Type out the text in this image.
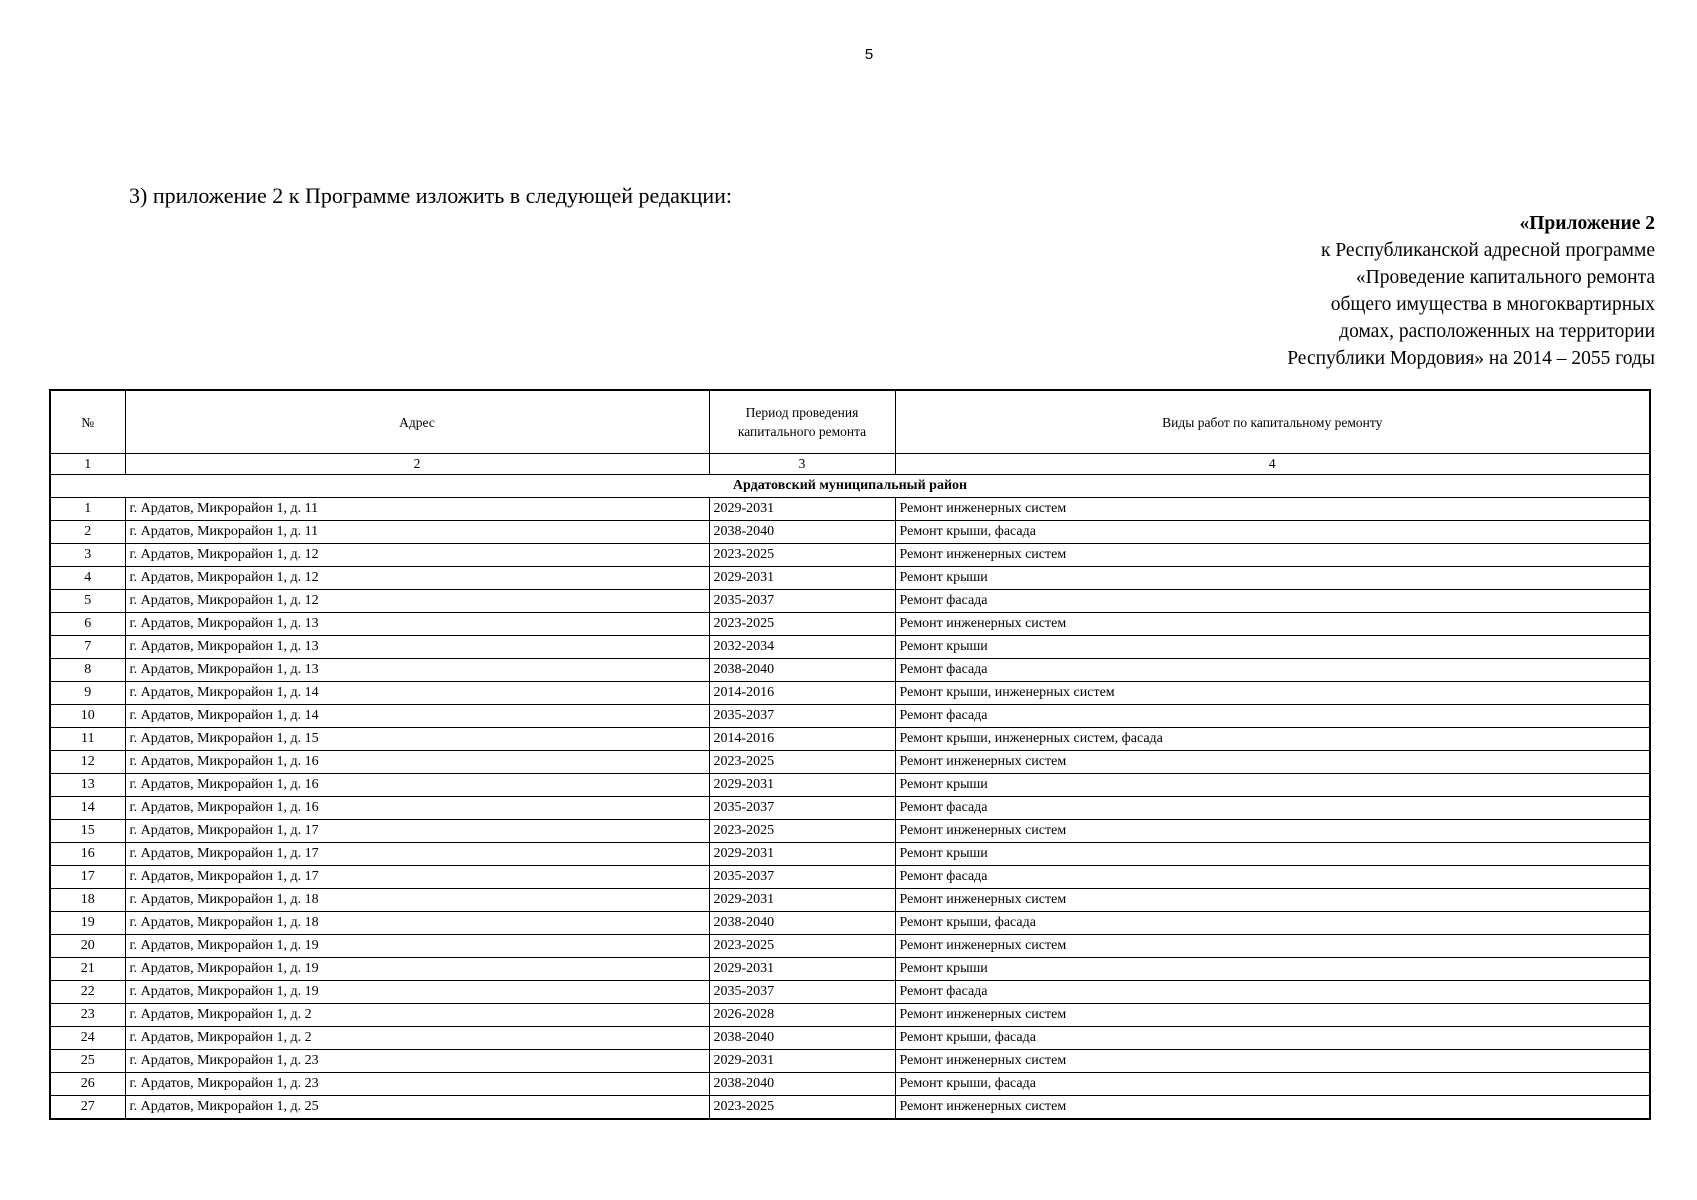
5
3) приложение 2 к Программе изложить в следующей редакции:
«Приложение 2
к Республиканской адресной программе
«Проведение капитального ремонта
общего имущества в многоквартирных
домах, расположенных на территории
Республики Мордовия» на 2014 – 2055 годы
№	Адрес	Период проведения капитального ремонта	Виды работ по капитальному ремонту
1	2	3	4
Ардатовский муниципальный район			
1	г. Ардатов, Микрорайон 1, д. 11	2029-2031	Ремонт инженерных систем
2	г. Ардатов, Микрорайон 1, д. 11	2038-2040	Ремонт крыши, фасада
3	г. Ардатов, Микрорайон 1, д. 12	2023-2025	Ремонт инженерных систем
4	г. Ардатов, Микрорайон 1, д. 12	2029-2031	Ремонт крыши
5	г. Ардатов, Микрорайон 1, д. 12	2035-2037	Ремонт фасада
6	г. Ардатов, Микрорайон 1, д. 13	2023-2025	Ремонт инженерных систем
7	г. Ардатов, Микрорайон 1, д. 13	2032-2034	Ремонт крыши
8	г. Ардатов, Микрорайон 1, д. 13	2038-2040	Ремонт фасада
9	г. Ардатов, Микрорайон 1, д. 14	2014-2016	Ремонт крыши, инженерных систем
10	г. Ардатов, Микрорайон 1, д. 14	2035-2037	Ремонт фасада
11	г. Ардатов, Микрорайон 1, д. 15	2014-2016	Ремонт крыши, инженерных систем, фасада
12	г. Ардатов, Микрорайон 1, д. 16	2023-2025	Ремонт инженерных систем
13	г. Ардатов, Микрорайон 1, д. 16	2029-2031	Ремонт крыши
14	г. Ардатов, Микрорайон 1, д. 16	2035-2037	Ремонт фасада
15	г. Ардатов, Микрорайон 1, д. 17	2023-2025	Ремонт инженерных систем
16	г. Ардатов, Микрорайон 1, д. 17	2029-2031	Ремонт крыши
17	г. Ардатов, Микрорайон 1, д. 17	2035-2037	Ремонт фасада
18	г. Ардатов, Микрорайон 1, д. 18	2029-2031	Ремонт инженерных систем
19	г. Ардатов, Микрорайон 1, д. 18	2038-2040	Ремонт крыши, фасада
20	г. Ардатов, Микрорайон 1, д. 19	2023-2025	Ремонт инженерных систем
21	г. Ардатов, Микрорайон 1, д. 19	2029-2031	Ремонт крыши
22	г. Ардатов, Микрорайон 1, д. 19	2035-2037	Ремонт фасада
23	г. Ардатов, Микрорайон 1, д. 2	2026-2028	Ремонт инженерных систем
24	г. Ардатов, Микрорайон 1, д. 2	2038-2040	Ремонт крыши, фасада
25	г. Ардатов, Микрорайон 1, д. 23	2029-2031	Ремонт инженерных систем
26	г. Ардатов, Микрорайон 1, д. 23	2038-2040	Ремонт крыши, фасада
27	г. Ардатов, Микрорайон 1, д. 25	2023-2025	Ремонт инженерных систем
